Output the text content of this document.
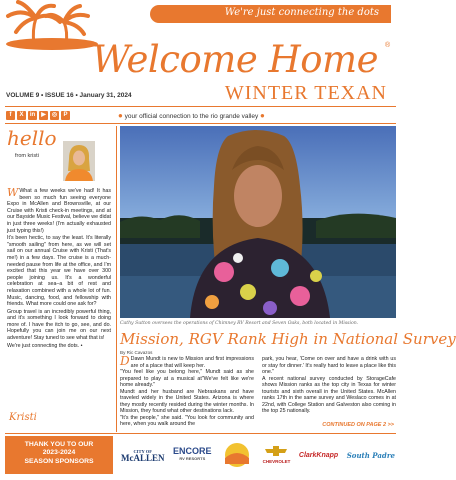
We're just connecting the dots
Welcome Home ®
WINTER TEXAN
VOLUME 9 • ISSUE 16 • January 31, 2024
f	X	in	▶	◎	P	● your official connection to the rio grande valley ●
hello
from kristi

W What a few weeks we've had! It has been so much fun seeing everyone Expo in McAllen and Brownsville, at our Cruise with Kristi check-in meetings, and at our Bayside Music Festival, believe we didat in just three weeks! (I'm actually exhausted just typing this!)

It's been hectic, to say the least. It's literally "smooth sailing" from here, as we will set sail on our annual Cruise with Kristi (That's me!) in a few days. The cruise is a much-needed pause from life at the office, and I'm excited that this year we have over 300 people joining us. It's a wonderful celebration at sea–a bit of rest and relaxation combined with a whole lot of fun. Music, dancing, food, and fellowship with friends. What more could one ask for?

Group travel is an incredibly powerful thing, and it's something I look forward to doing more of. I have the itch to go, see, and do. Hopefully you can join me on our next adventure! Stay tuned to see what that is!

We're just connecting the dots. •

Kristi
Cathy Sutton oversees the operations of Chimney RV Resort and Seven Oaks, both located in Mission.
Mission, RGV Rank High in National Survey
By Ric Cavazos

D Dawn Mundt is new to Mission and first impressions are of a place that will keep her.

"You feel like you belong here," Mundt said as she prepared to play at a musical at"We've felt like we're home already."

Mundt and her husband are Nebraskans and have traveled widely in the United States. Arizona is where they mostly recently resided during the winter months. In Mission, they found what other destinations lack.

"It's the people," she said. "You look for community and here, when you walk around the

park, you hear, 'Come on over and have a drink with us or stay for dinner.' It's really hard to leave a place like this one."

A recent national survey conducted by StorageCafe shows Mission ranks as the top city in Texas for winter tourists and sixth overall in the United States. McAllen ranks 17th in the same survey and Weslaco comes in at 22nd, with College Station and Galveston also coming in the top 25 nationally.

CONTINUED ON PAGE 2 >>
THANK YOU TO OUR
2023-2024
SEASON SPONSORS
CITY OF
McALLEN
ENCORE
RV RESORTS	CHEVROLET
ClarkKnapp South Padre
